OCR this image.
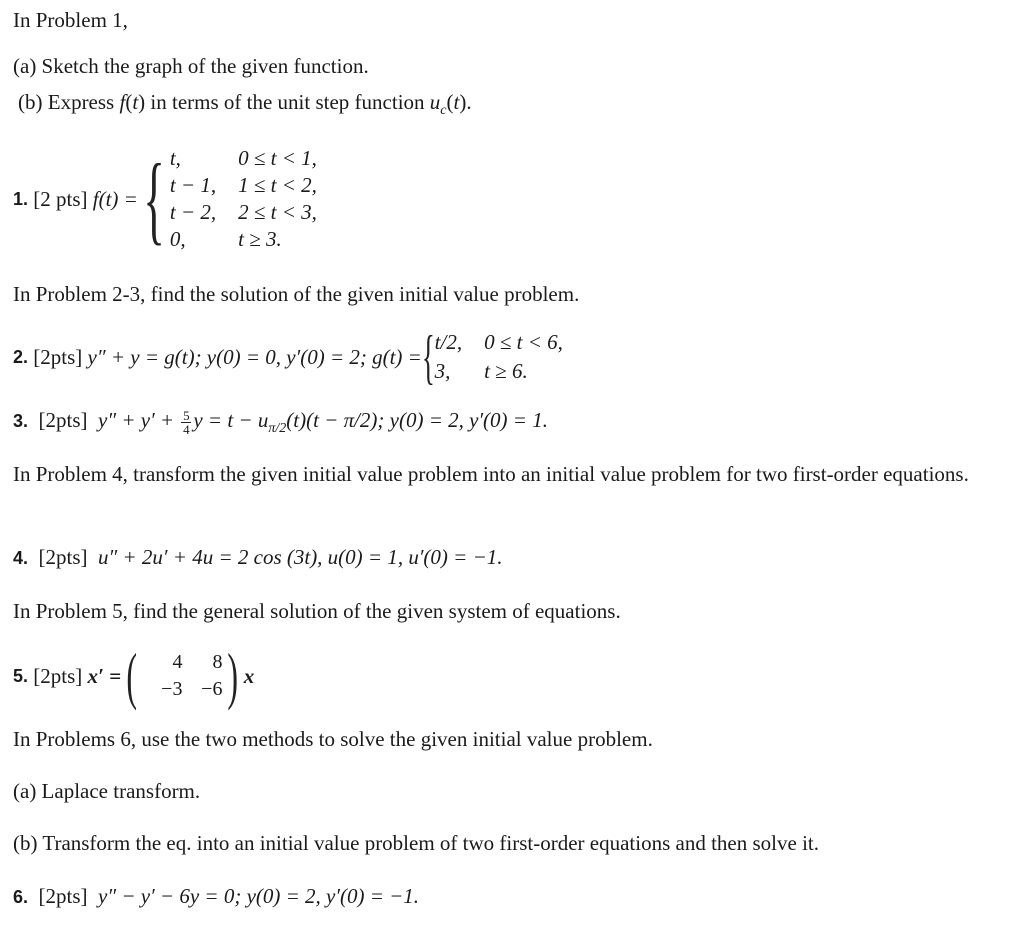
In Problem 1,
(a) Sketch the graph of the given function.
(b) Express f(t) in terms of the unit step function $u_c(t)$.
1.
[2 pts]
f(t) = { t,	0 ≤ t < 1,
t − 1, 1 ≤ t < 2,
t − 2, 2 ≤ t < 3,
0,	t ≥ 3.
In Problem 2-3, find the solution of the given initial value problem.
2.
[2pts]
y″ + y = g(t); y(0) = 0, y′(0) = 2; g(t) = { t/2, 0 ≤ t < 6,
3,	t ≥ 6.
3. [2pts] $y'' + y' + \frac{5}{4}$ $y = t - u_{\pi/2}(t)(t - \pi/2)$; y(0) = 2, y′(0) = 1.
In Problem 4, transform the given initial value problem into an initial value problem for two first-order equations.
4. [2pts] u″ + 2u′ + 4u = 2 cos (3t), u(0) = 1, u′(0) = −1.
In Problem 5, find the general solution of the given system of equations.
5.
[2pts]
x′ = (	4	8
−3 −6 ) x
In Problems 6, use the two methods to solve the given initial value problem.
(a) Laplace transform.
(b) Transform the eq. into an initial value problem of two first-order equations and then solve it.
6. [2pts] y″ − y′ − 6y = 0; y(0) = 2, y′(0) = −1.
